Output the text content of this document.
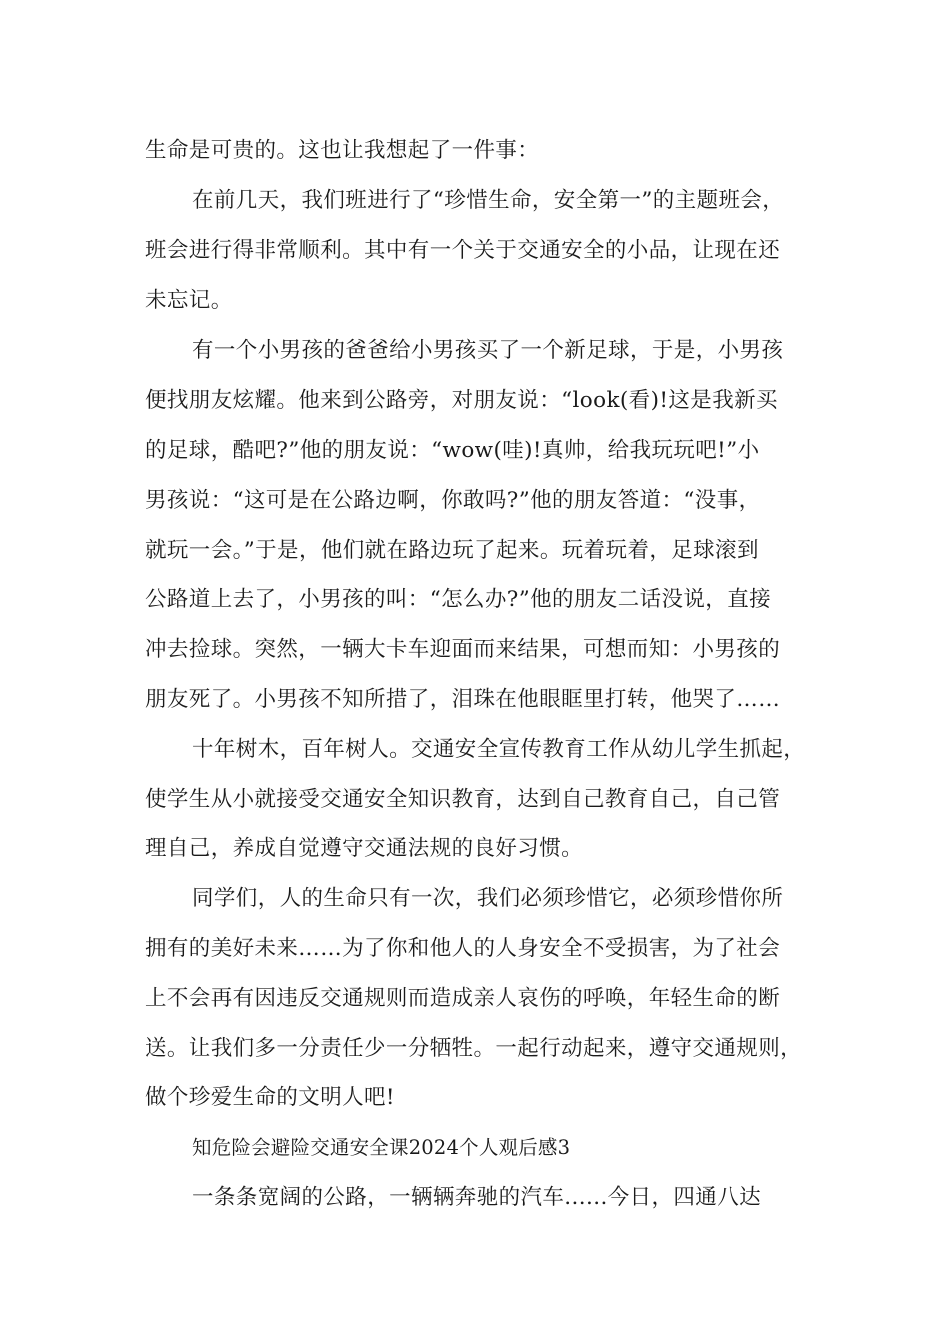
生命是可贵的。这也让我想起了一件事：
在前几天，我们班进行了“珍惜生命，安全第一”的主题班会，
班会进行得非常顺利。其中有一个关于交通安全的小品，让现在还
未忘记。
有一个小男孩的爸爸给小男孩买了一个新足球，于是，小男孩
便找朋友炫耀。他来到公路旁，对朋友说：“look(看)!这是我新买
的足球，酷吧?”他的朋友说：“wow(哇)!真帅，给我玩玩吧!”小
男孩说：“这可是在公路边啊，你敢吗?”他的朋友答道：“没事，
就玩一会。”于是，他们就在路边玩了起来。玩着玩着，足球滚到
公路道上去了，小男孩的叫：“怎么办?”他的朋友二话没说，直接
冲去捡球。突然，一辆大卡车迎面而来结果，可想而知：小男孩的
朋友死了。小男孩不知所措了，泪珠在他眼眶里打转，他哭了……
十年树木，百年树人。交通安全宣传教育工作从幼儿学生抓起，
使学生从小就接受交通安全知识教育，达到自己教育自己，自己管
理自己，养成自觉遵守交通法规的良好习惯。
同学们，人的生命只有一次，我们必须珍惜它，必须珍惜你所
拥有的美好未来……为了你和他人的人身安全不受损害，为了社会
上不会再有因违反交通规则而造成亲人哀伤的呼唤，年轻生命的断
送。让我们多一分责任少一分牺牲。一起行动起来，遵守交通规则，
做个珍爱生命的文明人吧!
知危险会避险交通安全课2024个人观后感3
一条条宽阔的公路，一辆辆奔驰的汽车......今日，四通八达
